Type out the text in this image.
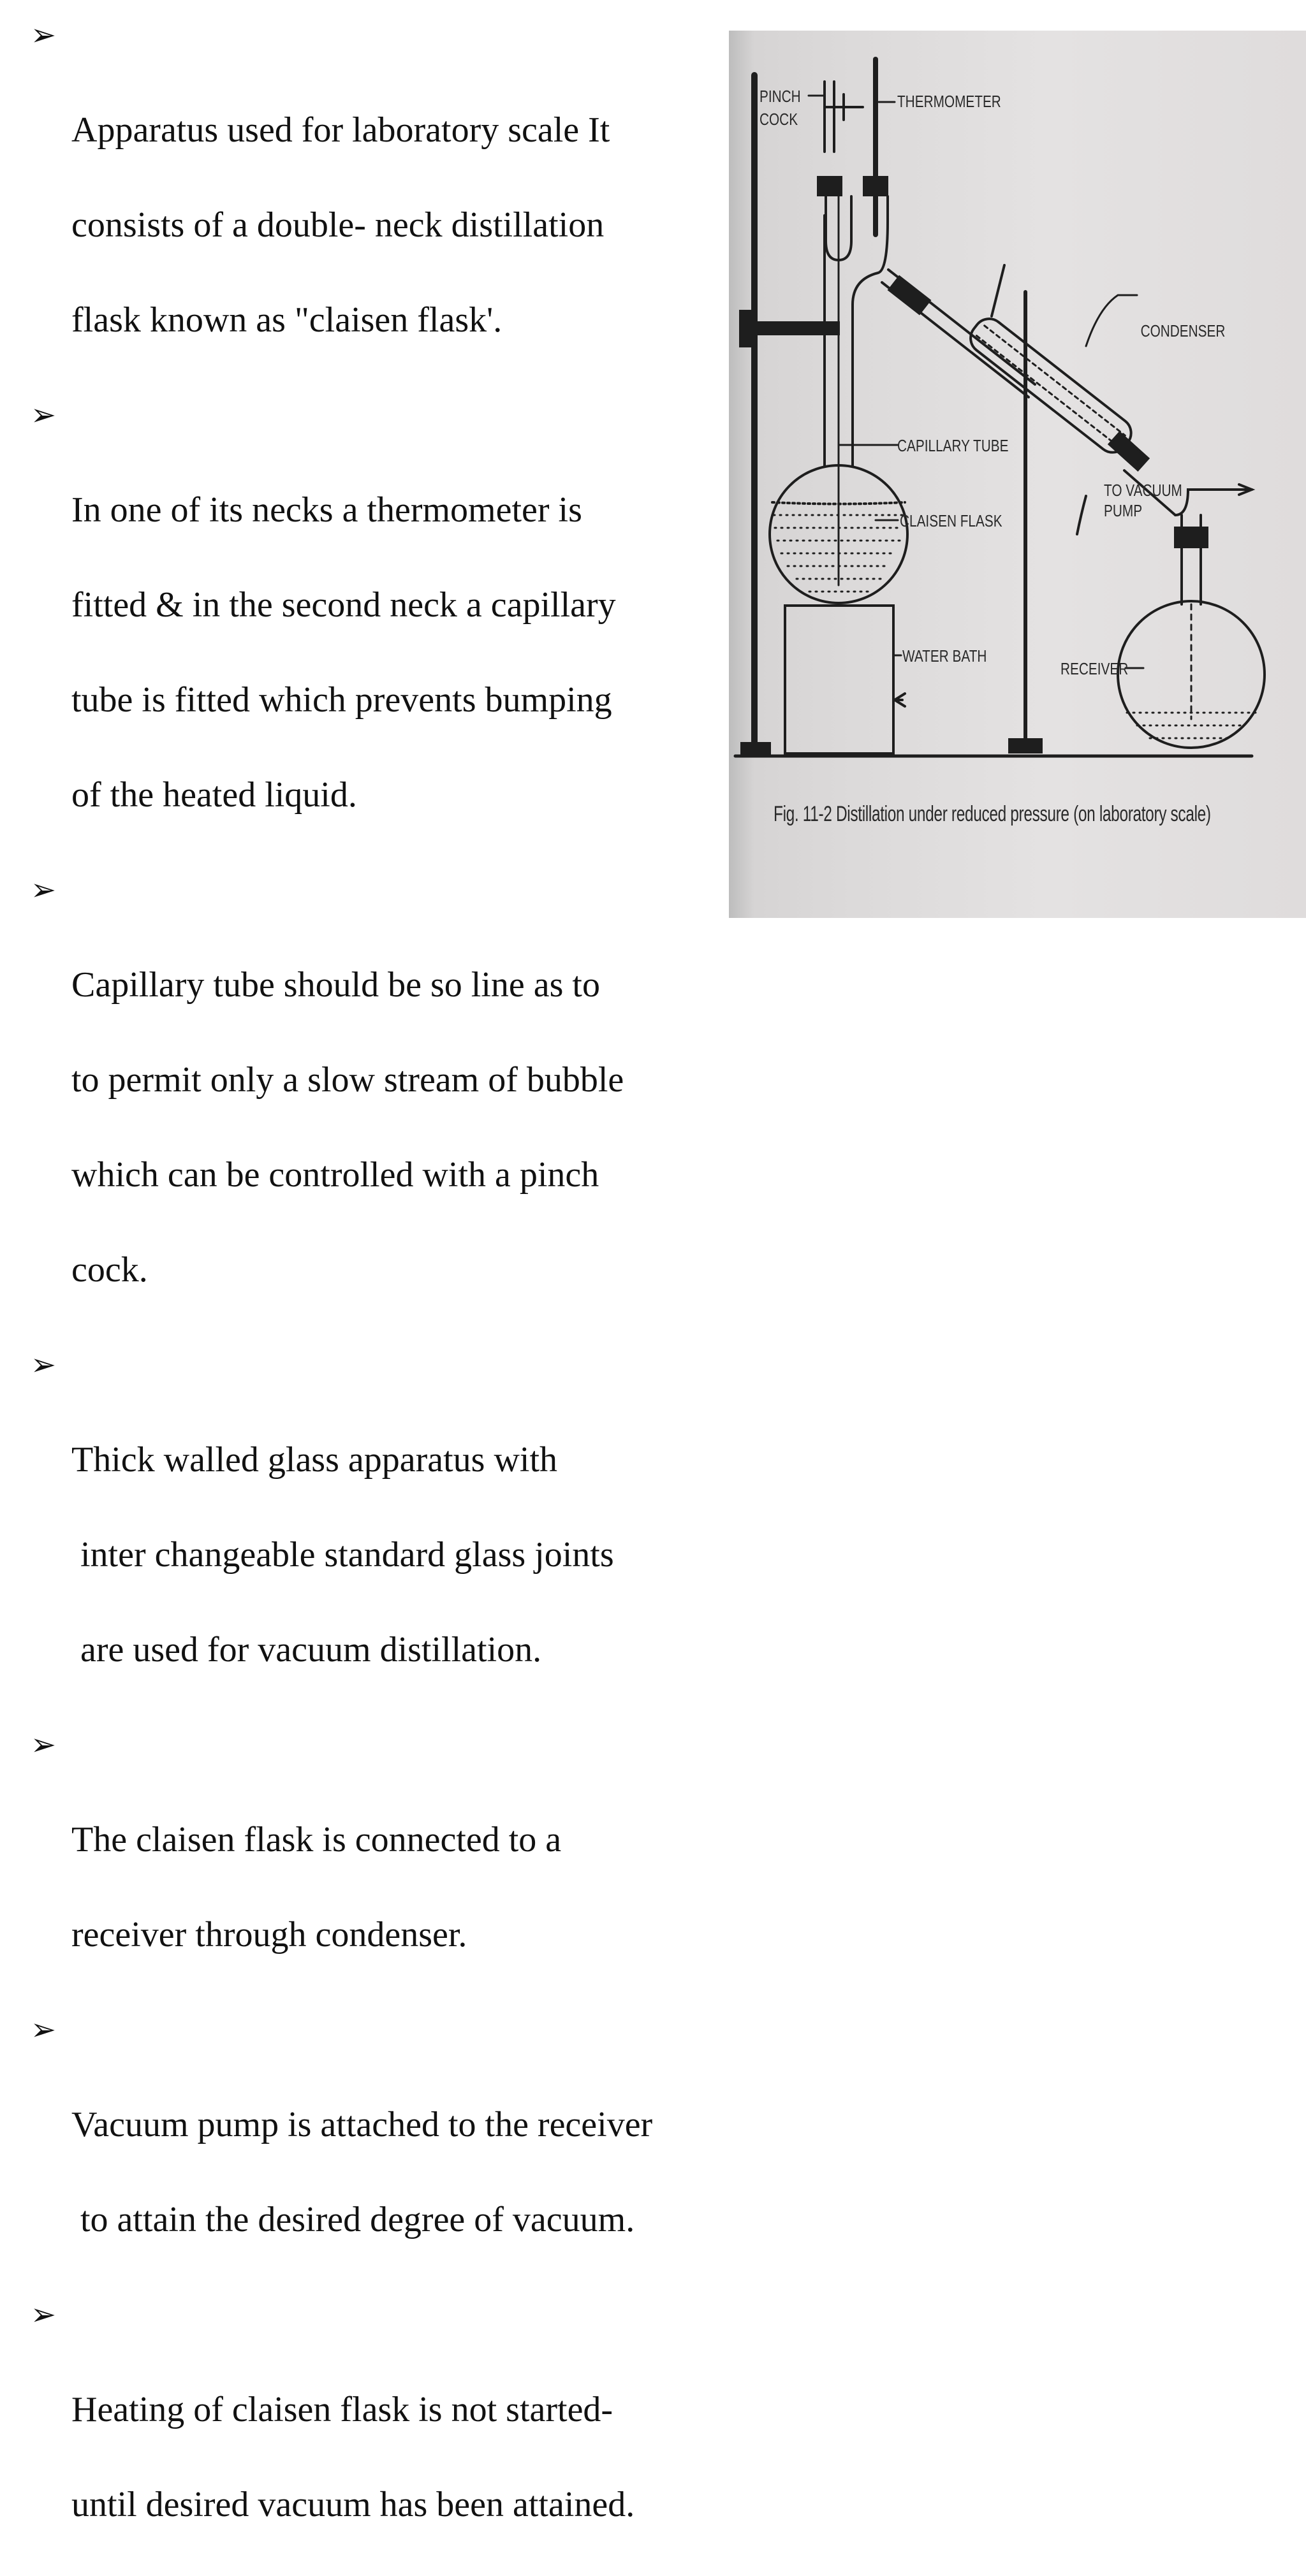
➢

Apparatus used for laboratory scale It

consists of a double- neck distillation

flask known as "claisen flask'.

➢

In one of its necks a thermometer is

fitted & in the second neck a capillary

tube is fitted which prevents bumping

of the heated liquid.

➢

Capillary tube should be so line as to

to permit only a slow stream of bubble

which can be controlled with a pinch

cock.

➢

Thick walled glass apparatus with

inter changeable standard glass joints

are used for vacuum distillation.

➢

The claisen flask is connected to a

receiver through condenser.

➢

Vacuum pump is attached to the receiver

to attain the desired degree of vacuum.

➢

Heating of claisen flask is not started-

until desired vacuum has been attained.

PINCH
COCK
THERMOMETER
CONDENSER
CAPILLARY TUBE
CLAISEN FLASK
TO VACUUM
PUMP
WATER BATH
RECEIVER
Fig. 11-2 Distillation under reduced pressure (on laboratory scale)
